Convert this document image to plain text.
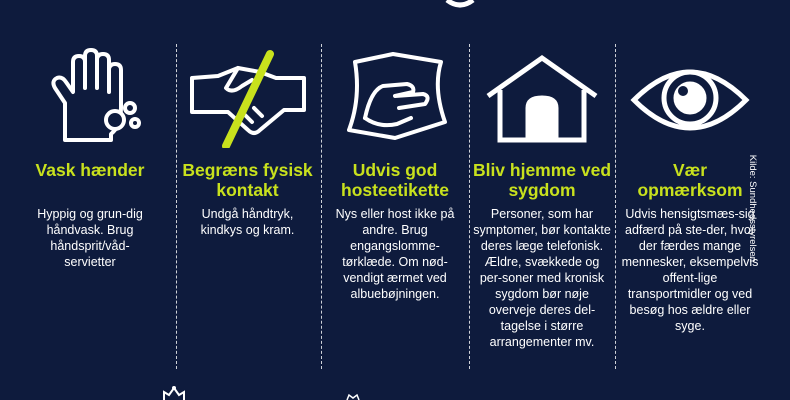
Vask hænder
Hyppig og grun-dig håndvask. Brug håndsprit/våd-servietter
Begræns fysisk kontakt
Undgå håndtryk, kindkys og kram.
Udvis god hosteetikette
Nys eller host ikke på andre. Brug engangslomme-tørklæde. Om nød-vendigt ærmet ved albuebøjningen.
Bliv hjemme ved sygdom
Personer, som har symptomer, bør kontakte deres læge telefonisk. Ældre, svækkede og per-soner med kronisk sygdom bør nøje overveje deres del-tagelse i større arrangementer mv.
Vær opmærksom
Udvis hensigtsmæs-sig adfærd på ste-der, hvor der færdes mange mennesker, eksempelvis offent-lige transportmidler og ved besøg hos ældre eller syge.
Kilde: Sundhedsstyrelsen
